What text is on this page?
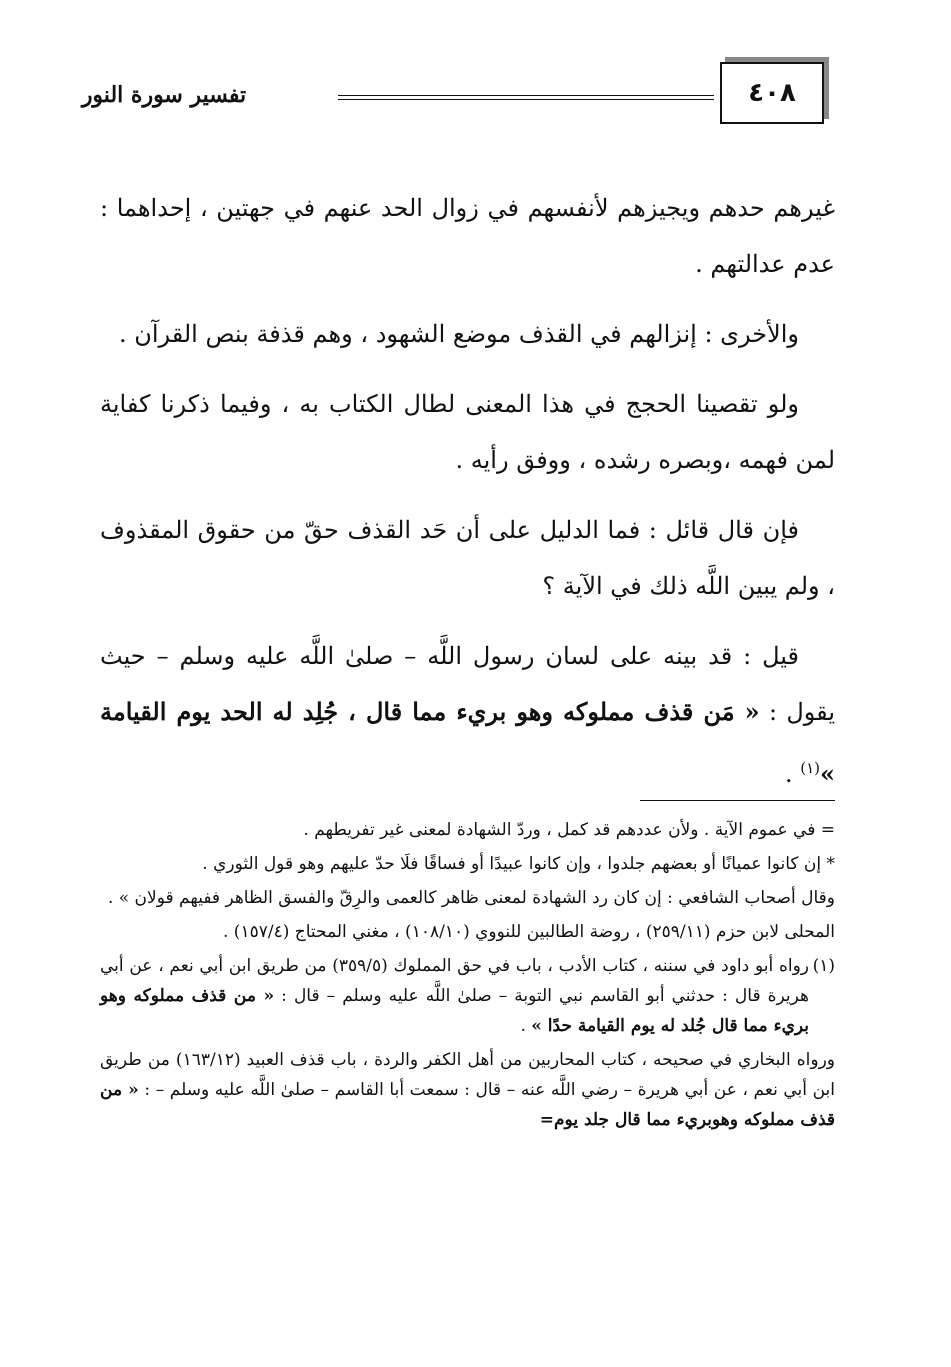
٤٠٨
تفسير سورة النور

غيرهم حدهم ويجيزهم لأنفسهم في زوال الحد عنهم في جهتين ، إحداهما : عدم عدالتهم .

والأخرى : إنزالهم في القذف موضع الشهود ، وهم قذفة بنص القرآن .

ولو تقصينا الحجج في هذا المعنى لطال الكتاب به ، وفيما ذكرنا كفاية لمن فهمه ،وبصره رشده ، ووفق رأيه .

فإن قال قائل : فما الدليل على أن حَد القذف حقّ من حقوق المقذوف ، ولم يبين اللَّه ذلك في الآية ؟

قيل : قد بينه على لسان رسول اللَّه – صلىٰ اللَّه عليه وسلم – حيث يقول : « مَن قذف مملوكه وهو بريء مما قال ، جُلِد له الحد يوم القيامة »$^{(١)}$ .

= في عموم الآية . ولأن عددهم قد كمل ، وردّ الشهادة لمعنى غير تفريطهم .

* إن كانوا عميانًا أو بعضهم جلدوا ، وإن كانوا عبيدًا أو فساقًا فلَا حدّ عليهم وهو قول الثوري .

وقال أصحاب الشافعي : إن كان رد الشهادة لمعنى ظاهر كالعمى والرِقّ والفسق الظاهر ففيهم قولان » .

المحلى لابن حزم (٢٥٩/١١) ، روضة الطالبين للنووي (١٠٨/١٠) ، مغني المحتاج (١٥٧/٤) .

(١)
رواه أبو داود في سننه ، كتاب الأدب ، باب في حق المملوك (٣٥٩/٥) من طريق ابن أبي نعم ، عن أبي هريرة قال : حدثني أبو القاسم نبي التوبة – صلىٰ اللَّه عليه وسلم – قال : « من قذف مملوكه وهو بريء مما قال جُلد له يوم القيامة حدًا » .

ورواه البخاري في صحيحه ، كتاب المحاربين من أهل الكفر والردة ، باب قذف العبيد (١٦٣/١٢) من طريق ابن أبي نعم ، عن أبي هريرة – رضي اللَّه عنه – قال : سمعت أبا القاسم – صلىٰ اللَّه عليه وسلم – : « من قذف مملوكه وهوبريء مما قال جلد يوم=
